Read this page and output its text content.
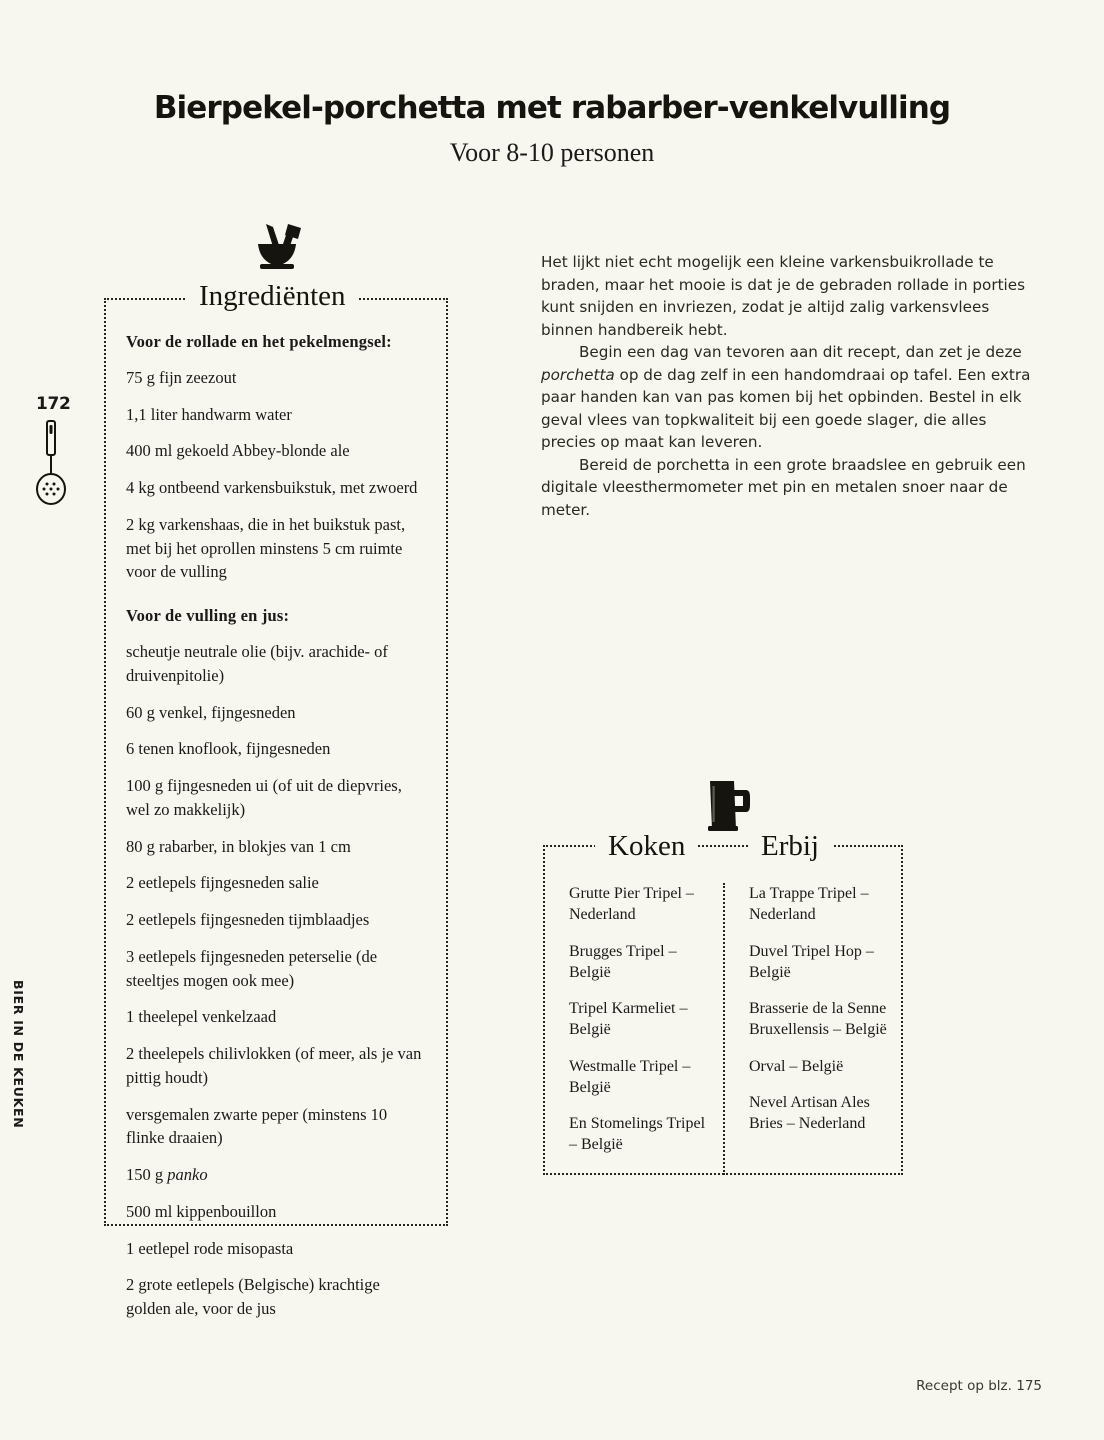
Bierpekel-porchetta met rabarber-venkelvulling
Voor 8-10 personen
172
BIER IN DE KEUKEN
Ingrediënten

Voor de rollade en het pekelmengsel:

75 g fijn zeezout

1,1 liter handwarm water

400 ml gekoeld Abbey-blonde ale

4 kg ontbeend varkensbuikstuk, met zwoerd

2 kg varkenshaas, die in het buikstuk past, met bij het oprollen minstens 5 cm ruimte voor de vulling

Voor de vulling en jus:

scheutje neutrale olie (bijv. arachide- of druivenpitolie)

60 g venkel, fijngesneden

6 tenen knoflook, fijngesneden

100 g fijngesneden ui (of uit de diepvries, wel zo makkelijk)

80 g rabarber, in blokjes van 1 cm

2 eetlepels fijngesneden salie

2 eetlepels fijngesneden tijmblaadjes

3 eetlepels fijngesneden peterselie (de steeltjes mogen ook mee)

1 theelepel venkelzaad

2 theelepels chilivlokken (of meer, als je van pittig houdt)

versgemalen zwarte peper (minstens 10 flinke draaien)

150 g panko

500 ml kippenbouillon

1 eetlepel rode misopasta

2 grote eetlepels (Belgische) krachtige golden ale, voor de jus

Het lijkt niet echt mogelijk een kleine varkensbuikrollade te braden, maar het mooie is dat je de gebraden rollade in porties kunt snijden en invriezen, zodat je altijd zalig varkensvlees binnen handbereik hebt.

Begin een dag van tevoren aan dit recept, dan zet je deze porchetta op de dag zelf in een handomdraai op tafel. Een extra paar handen kan van pas komen bij het opbinden. Bestel in elk geval vlees van topkwaliteit bij een goede slager, die alles precies op maat kan leveren.

Bereid de porchetta in een grote braadslee en gebruik een digitale vleesthermometer met pin en metalen snoer naar de meter.

Grutte Pier Tripel – Nederland

Brugges Tripel – België

Tripel Karmeliet – België

Westmalle Tripel – België

En Stomelings Tripel – België

La Trappe Tripel – Nederland

Duvel Tripel Hop – België

Brasserie de la Senne Bruxellensis – België

Orval – België

Nevel Artisan Ales Bries – Nederland

Koken	Erbij
Recept op blz. 175
